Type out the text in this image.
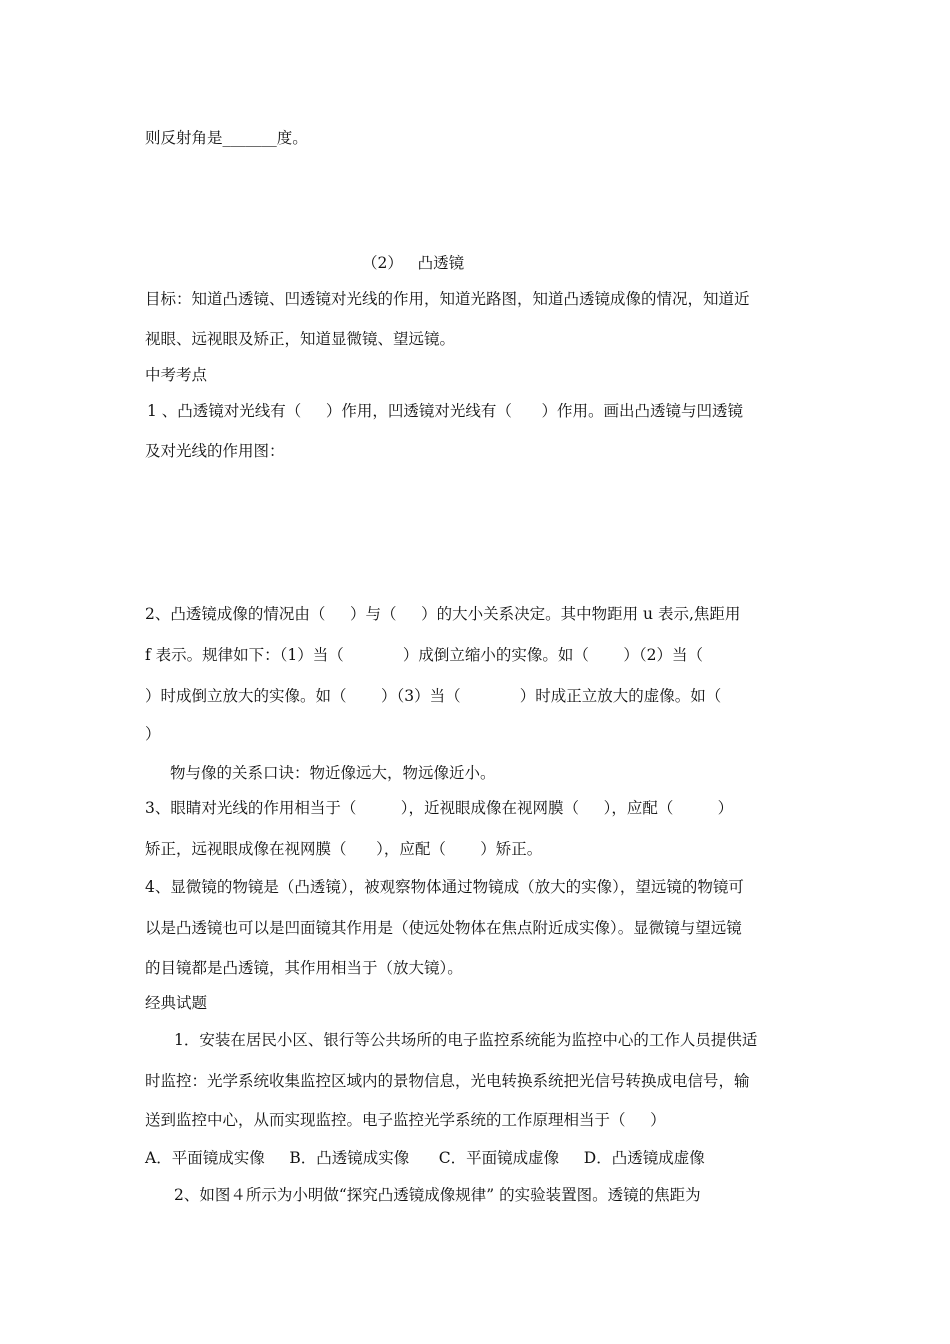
则反射角是_______度。
（2）   凸透镜
目标：知道凸透镜、凹透镜对光线的作用，知道光路图，知道凸透镜成像的情况，知道近
视眼、远视眼及矫正，知道显微镜、望远镜。
中考考点
1 、凸透镜对光线有（     ）作用，凹透镜对光线有（      ）作用。画出凸透镜与凹透镜
及对光线的作用图：
2、凸透镜成像的情况由（     ）与（     ）的大小关系决定。其中物距用 u 表示,焦距用
f 表示。规律如下：（1）当（            ）成倒立缩小的实像。如（       ）（2）当（
）时成倒立放大的实像。如（       ）（3）当（            ）时成正立放大的虚像。如（
）
物与像的关系口诀：物近像远大，物远像近小。
3、眼睛对光线的作用相当于（         ），近视眼成像在视网膜（     ），应配（         ）
矫正，远视眼成像在视网膜（      ），应配（       ）矫正。
4、显微镜的物镜是（凸透镜），被观察物体通过物镜成（放大的实像），望远镜的物镜可
以是凸透镜也可以是凹面镜其作用是（使远处物体在焦点附近成实像）。显微镜与望远镜
的目镜都是凸透镜，其作用相当于（放大镜）。
经典试题
1．安装在居民小区、银行等公共场所的电子监控系统能为监控中心的工作人员提供适
时监控：光学系统收集监控区域内的景物信息，光电转换系统把光信号转换成电信号，输
送到监控中心，从而实现监控。电子监控光学系统的工作原理相当于（     ）
A．平面镜成实像     B．凸透镜成实像      C．平面镜成虚像     D．凸透镜成虚像
2、如图４所示为小明做“探究凸透镜成像规律” 的实验装置图。透镜的焦距为
